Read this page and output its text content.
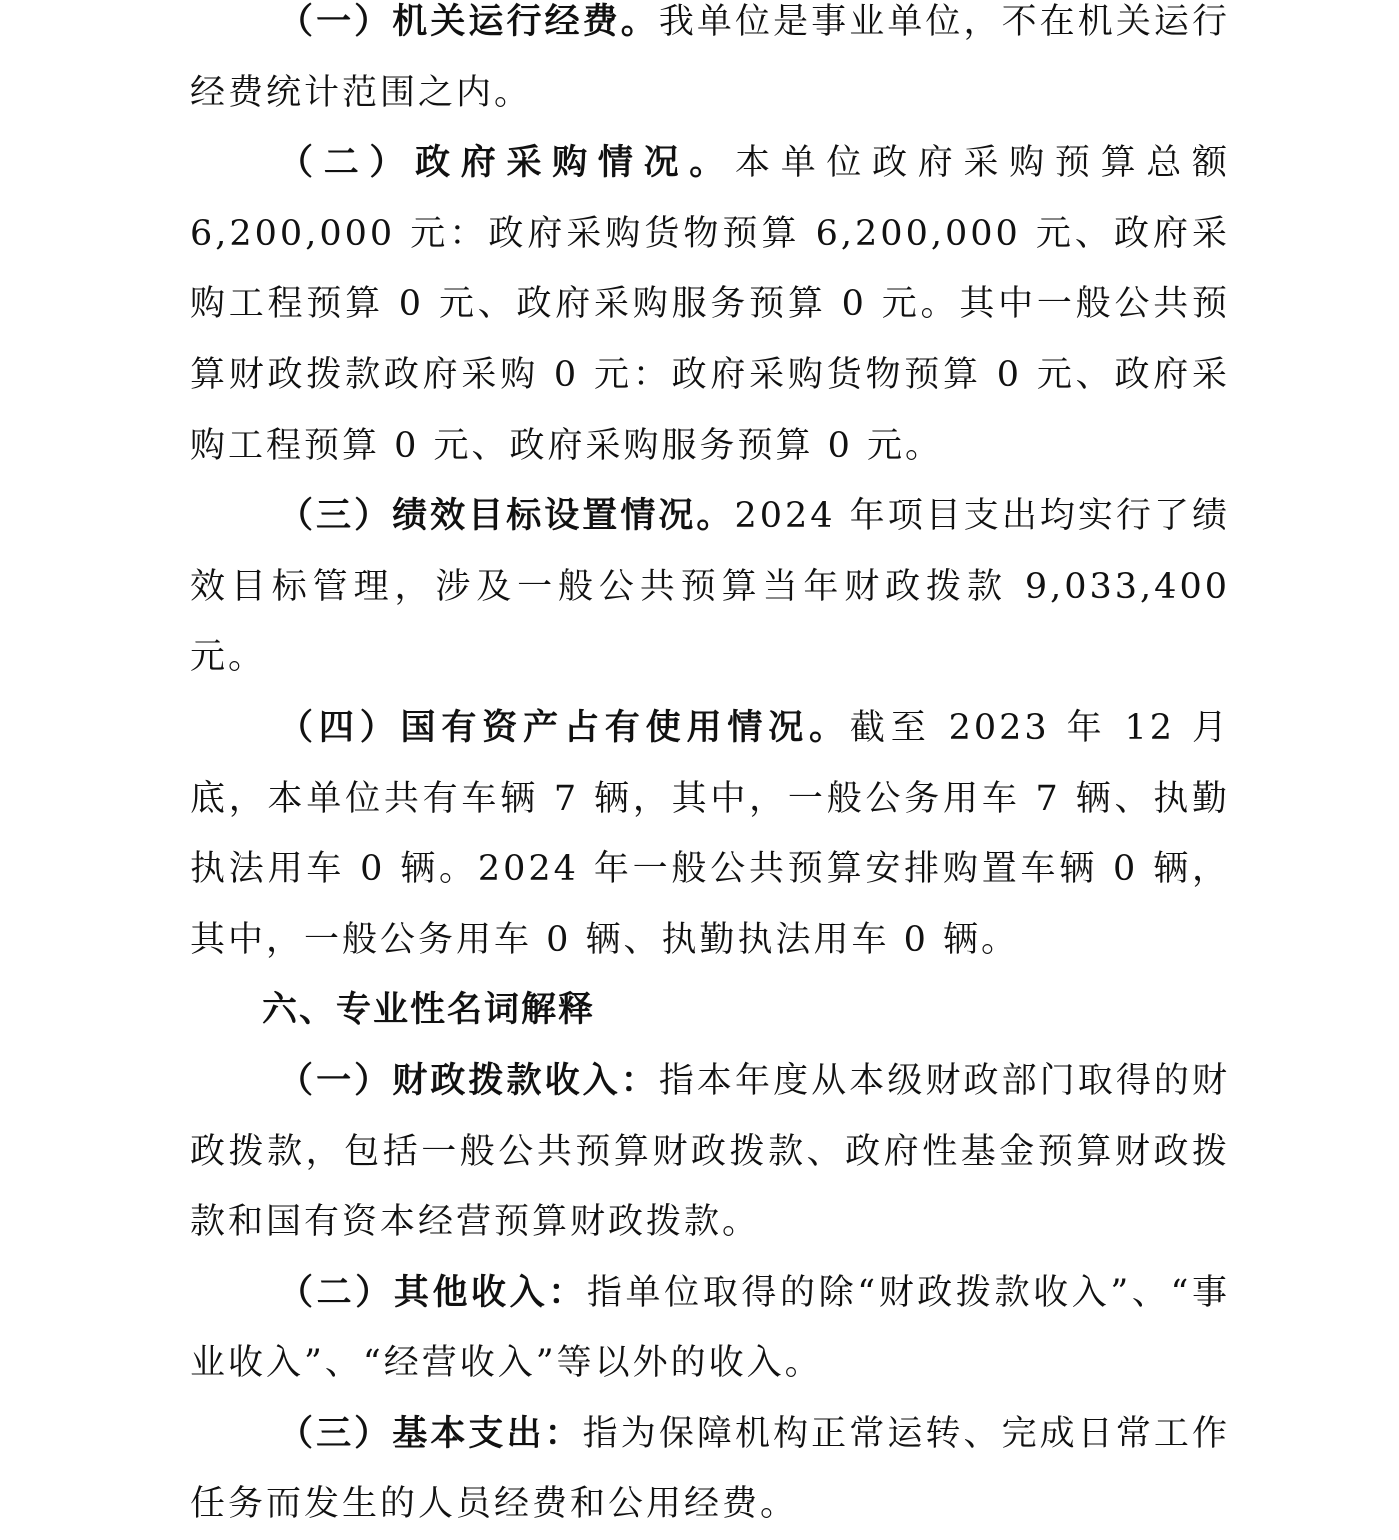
（一）机关运行经费。我单位是事业单位，不在机关运行经费统计范围之内。

（二）政府采购情况。本单位政府采购预算总额 6,200,000 元：政府采购货物预算 6,200,000 元、政府采购工程预算 0 元、政府采购服务预算 0 元。其中一般公共预算财政拨款政府采购 0 元：政府采购货物预算 0 元、政府采购工程预算 0 元、政府采购服务预算 0 元。

（三）绩效目标设置情况。2024 年项目支出均实行了绩效目标管理，涉及一般公共预算当年财政拨款 9,033,400 元。

（四）国有资产占有使用情况。截至 2023 年 12 月底，本单位共有车辆 7 辆，其中，一般公务用车 7 辆、执勤执法用车 0 辆。2024 年一般公共预算安排购置车辆 0 辆，其中，一般公务用车 0 辆、执勤执法用车 0 辆。

六、专业性名词解释

（一）财政拨款收入：指本年度从本级财政部门取得的财政拨款，包括一般公共预算财政拨款、政府性基金预算财政拨款和国有资本经营预算财政拨款。

（二）其他收入：指单位取得的除“财政拨款收入”、“事业收入”、“经营收入”等以外的收入。

（三）基本支出：指为保障机构正常运转、完成日常工作任务而发生的人员经费和公用经费。
